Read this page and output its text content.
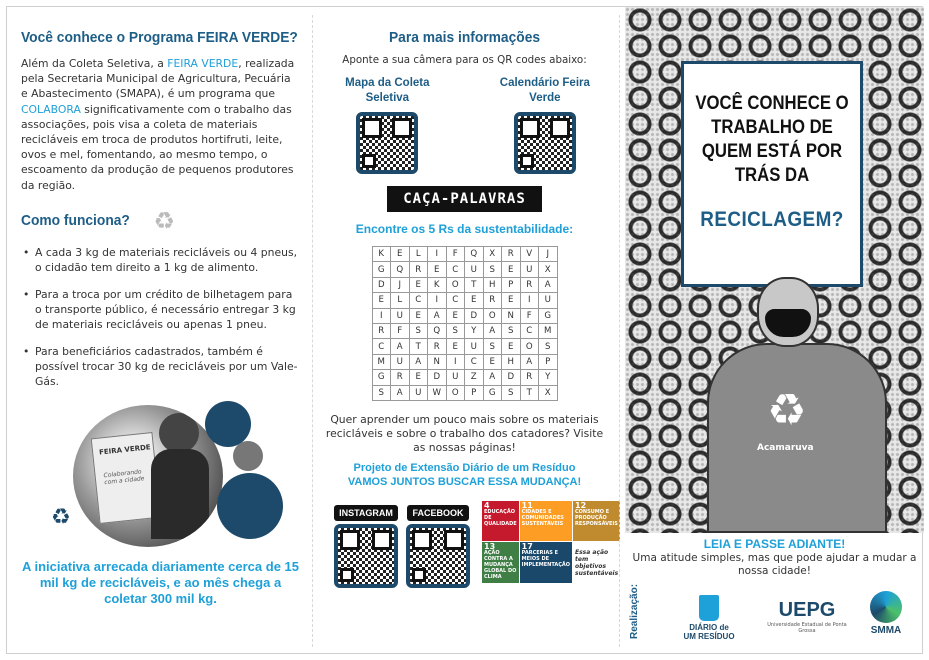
Você conhece o Programa FEIRA VERDE?

Além da Coleta Seletiva, a FEIRA VERDE, realizada pela Secretaria Municipal de Agricultura, Pecuária e Abastecimento (SMAPA), é um programa que COLABORA significativamente com o trabalho das associações, pois visa a coleta de materiais recicláveis em troca de produtos hortifruti, leite, ovos e mel, fomentando, ao mesmo tempo, o escoamento da produção de pequenos produtores da região.

Como funciona? ♻
• A cada 3 kg de materiais recicláveis ou 4 pneus, o cidadão tem direito a 1 kg de alimento.
• Para a troca por um crédito de bilhetagem para o transporte público, é necessário entregar 3 kg de materiais recicláveis ou apenas 1 pneu.
• Para beneficiários cadastrados, também é possível trocar 30 kg de recicláveis por um Vale-Gás.
FEIRA VERDE
Colaborando com a cidade
♻

A iniciativa arrecada diariamente cerca de 15 mil kg de recicláveis, e ao mês chega a coletar 300 mil kg.

Para mais informações

Aponte a sua câmera para os QR codes abaixo:

Mapa da Coleta Seletiva
Calendário Feira Verde
CAÇA-PALAVRAS

Encontre os 5 Rs da sustentabilidade:

K	E	L	I	F	Q	X	R	V	J
G	Q	R	E	C	U	S	E	U	X
D	J	E	K	O	T	H	P	R	A
E	L	C	I	C	E	R	E	I	U
I	U	E	A	E	D	O	N	F	G
R	F	S	Q	S	Y	A	S	C	M
C	A	T	R	E	U	S	E	O	S
M	U	A	N	I	C	E	H	A	P
G	R	E	D	U	Z	A	D	R	Y
S	A	U	W	O	P	G	S	T	X

Quer aprender um pouco mais sobre os materiais recicláveis e sobre o trabalho dos catadores? Visite as nossas páginas!

Projeto de Extensão Diário de um Resíduo
VAMOS JUNTOS BUSCAR ESSA MUDANÇA!

INSTAGRAM	FACEBOOK
4
EDUCAÇÃO DE QUALIDADE
11
CIDADES E COMUNIDADES SUSTENTÁVEIS
12
CONSUMO E PRODUÇÃO RESPONSÁVEIS
13
AÇÃO CONTRA A MUDANÇA GLOBAL DO CLIMA
17
PARCERIAS E MEIOS DE IMPLEMENTAÇÃO
Essa ação tem objetivos sustentáveis
VOCÊ CONHECE O TRABALHO DE QUEM ESTÁ POR TRÁS DA
RECICLAGEM?
♻
Acamaruva
LEIA E PASSE ADIANTE!
Uma atitude simples, mas que pode ajudar a mudar a nossa cidade!
Realização:	DIÁRIO de
UM RESÍDUO
UEPG
Universidade Estadual de Ponta Grossa	SMMA
